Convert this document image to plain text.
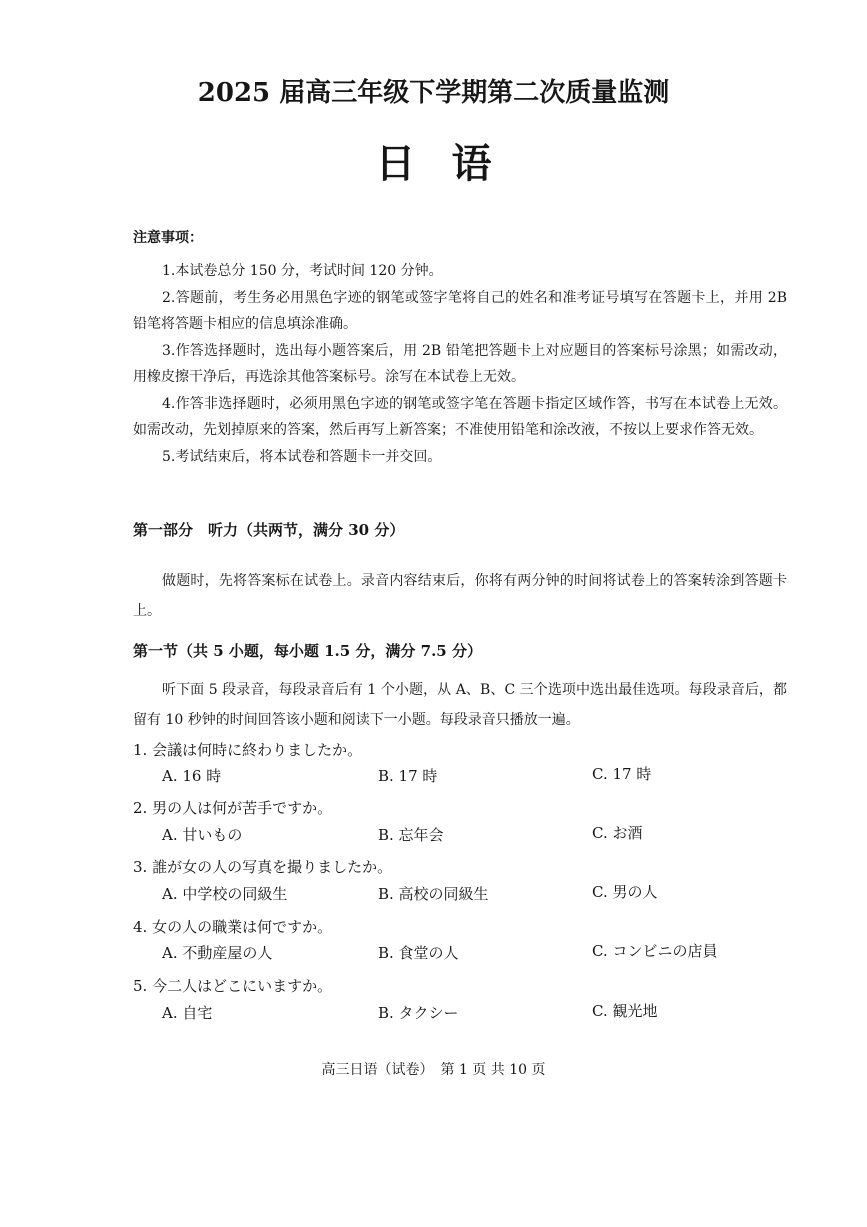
2025 届高三年级下学期第二次质量监测
日语
注意事项：

1.本试卷总分 150 分，考试时间 120 分钟。

2.答题前，考生务必用黑色字迹的钢笔或签字笔将自己的姓名和准考证号填写在答题卡上，并用 2B 铅笔将答题卡相应的信息填涂准确。

3.作答选择题时，选出每小题答案后，用 2B 铅笔把答题卡上对应题目的答案标号涂黑；如需改动，用橡皮擦干净后，再选涂其他答案标号。涂写在本试卷上无效。

4.作答非选择题时，必须用黑色字迹的钢笔或签字笔在答题卡指定区域作答，书写在本试卷上无效。如需改动，先划掉原来的答案，然后再写上新答案；不准使用铅笔和涂改液，不按以上要求作答无效。

5.考试结束后，将本试卷和答题卡一并交回。

第一部分　听力（共两节，满分 30 分）
做题时，先将答案标在试卷上。录音内容结束后，你将有两分钟的时间将试卷上的答案转涂到答题卡上。
第一节（共 5 小题，每小题 1.5 分，满分 7.5 分）
听下面 5 段录音，每段录音后有 1 个小题，从 A、B、C 三个选项中选出最佳选项。每段录音后，都留有 10 秒钟的时间回答该小题和阅读下一小题。每段录音只播放一遍。
1. 会議は何時に終わりましたか。
A. 16 時	B. 17 時	C. 17 時
2. 男の人は何が苦手ですか。
A. 甘いもの	B. 忘年会	C. お酒
3. 誰が女の人の写真を撮りましたか。
A. 中学校の同級生	B. 高校の同級生	C. 男の人
4. 女の人の職業は何ですか。
A. 不動産屋の人	B. 食堂の人	C. コンビニの店員
5. 今二人はどこにいますか。
A. 自宅	B. タクシー	C. 観光地
高三日语（试卷）　第 1 页 共 10 页
